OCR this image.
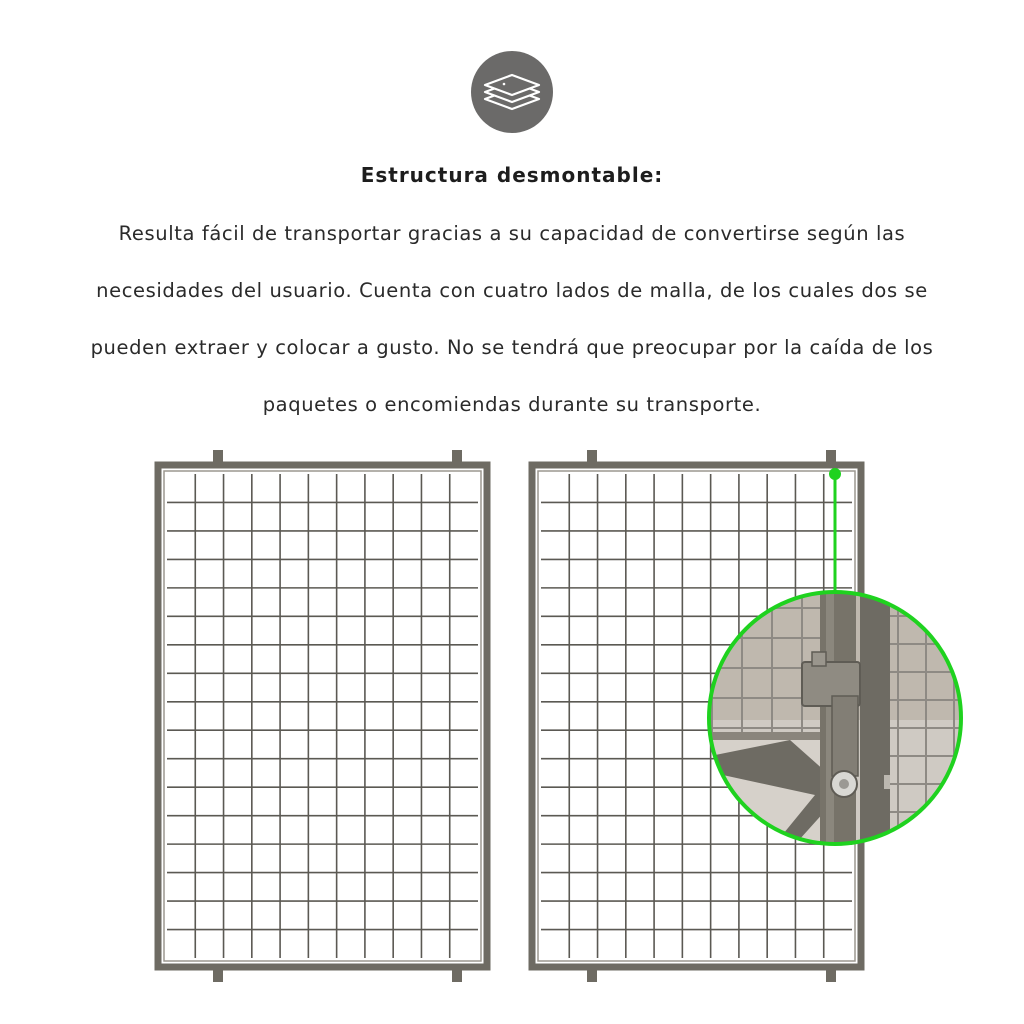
Estructura desmontable:
Resulta fácil de transportar gracias a su capacidad de convertirse según las
necesidades del usuario. Cuenta con cuatro lados de malla, de los cuales dos se
pueden extraer y colocar a gusto. No se tendrá que preocupar por la caída de los
paquetes o encomiendas durante su transporte.
